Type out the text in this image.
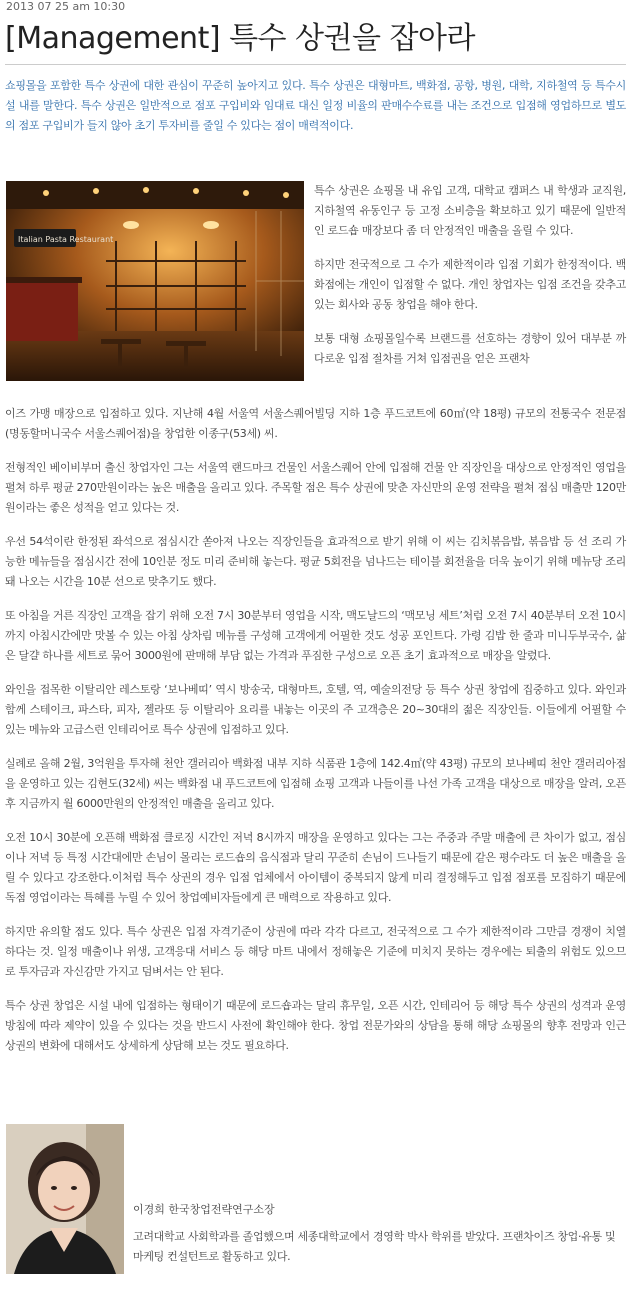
2013 07 25 am 10:30
[Management] 특수 상권을 잡아라
쇼핑몰을 포함한 특수 상권에 대한 관심이 꾸준히 높아지고 있다. 특수 상권은 대형마트, 백화점, 공항, 병원, 대학, 지하철역 등 특수시설 내를 말한다. 특수 상권은 일반적으로 점포 구입비와 임대료 대신 일정 비율의 판매수수료를 내는 조건으로 입점해 영업하므로 별도의 점포 구입비가 들지 않아 초기 투자비를 줄일 수 있다는 점이 매력적이다.
Italian Pasta Restaurant

특수 상권은 쇼핑몰 내 유입 고객, 대학교 캠퍼스 내 학생과 교직원, 지하철역 유동인구 등 고정 소비층을 확보하고 있기 때문에 일반적인 로드숍 매장보다 좀 더 안정적인 매출을 올릴 수 있다.

하지만 전국적으로 그 수가 제한적이라 입점 기회가 한정적이다. 백화점에는 개인이 입점할 수 없다. 개인 창업자는 입점 조건을 갖추고 있는 회사와 공동 창업을 해야 한다.

보통 대형 쇼핑몰일수록 브랜드를 선호하는 경향이 있어 대부분 까다로운 입점 절차를 거쳐 입점권을 얻은 프랜차

이즈 가맹 매장으로 입점하고 있다. 지난해 4월 서울역 서울스퀘어빌딩 지하 1층 푸드코트에 60㎡(약 18평) 규모의 전통국수 전문점(명동할머니국수 서울스퀘어점)을 창업한 이종구(53세) 씨.

전형적인 베이비부머 출신 창업자인 그는 서울역 랜드마크 건물인 서울스퀘어 안에 입점해 건물 안 직장인을 대상으로 안정적인 영업을 펼쳐 하루 평균 270만원이라는 높은 매출을 올리고 있다. 주목할 점은 특수 상권에 맞춘 자신만의 운영 전략을 펼쳐 점심 매출만 120만원이라는 좋은 성적을 얻고 있다는 것.

우선 54석이란 한정된 좌석으로 점심시간 쏟아져 나오는 직장인들을 효과적으로 받기 위해 이 씨는 김치볶음밥, 볶음밥 등 선 조리 가능한 메뉴들을 점심시간 전에 10인분 정도 미리 준비해 놓는다. 평균 5회전을 넘나드는 테이블 회전율을 더욱 높이기 위해 메뉴당 조리돼 나오는 시간을 10분 선으로 맞추기도 했다.

또 아침을 거른 직장인 고객을 잡기 위해 오전 7시 30분부터 영업을 시작, 맥도날드의 ‘맥모닝 세트’처럼 오전 7시 40분부터 오전 10시까지 아침시간에만 맛볼 수 있는 아침 상차림 메뉴를 구성해 고객에게 어필한 것도 성공 포인트다. 가령 김밥 한 줄과 미니두부국수, 삶은 달걀 하나를 세트로 묶어 3000원에 판매해 부담 없는 가격과 푸짐한 구성으로 오픈 초기 효과적으로 매장을 알렸다.

와인을 접목한 이탈리안 레스토랑 ‘보나베띠’ 역시 방송국, 대형마트, 호텔, 역, 예술의전당 등 특수 상권 창업에 집중하고 있다. 와인과 함께 스테이크, 파스타, 피자, 젤라또 등 이탈리아 요리를 내놓는 이곳의 주 고객층은 20~30대의 젊은 직장인들. 이들에게 어필할 수 있는 메뉴와 고급스런 인테리어로 특수 상권에 입점하고 있다.

실례로 올해 2월, 3억원을 투자해 천안 갤러리아 백화점 내부 지하 식품관 1층에 142.4㎡(약 43평) 규모의 보나베띠 천안 갤러리아점을 운영하고 있는 김현도(32세) 씨는 백화점 내 푸드코트에 입점해 쇼핑 고객과 나들이를 나선 가족 고객을 대상으로 매장을 알려, 오픈 후 지금까지 월 6000만원의 안정적인 매출을 올리고 있다.

오전 10시 30분에 오픈해 백화점 클로징 시간인 저녁 8시까지 매장을 운영하고 있다는 그는 주중과 주말 매출에 큰 차이가 없고, 점심이나 저녁 등 특정 시간대에만 손님이 몰리는 로드숍의 음식점과 달리 꾸준히 손님이 드나들기 때문에 같은 평수라도 더 높은 매출을 올릴 수 있다고 강조한다.이처럼 특수 상권의 경우 입점 업체에서 아이템이 중복되지 않게 미리 결정해두고 입점 점포를 모집하기 때문에 독점 영업이라는 특혜를 누릴 수 있어 창업예비자들에게 큰 매력으로 작용하고 있다.

하지만 유의할 점도 있다. 특수 상권은 입점 자격기준이 상권에 따라 각각 다르고, 전국적으로 그 수가 제한적이라 그만큼 경쟁이 치열하다는 것. 일정 매출이나 위생, 고객응대 서비스 등 해당 마트 내에서 정해놓은 기준에 미치지 못하는 경우에는 퇴출의 위험도 있으므로 투자금과 자신감만 가지고 덤벼서는 안 된다.

특수 상권 창업은 시설 내에 입점하는 형태이기 때문에 로드숍과는 달리 휴무일, 오픈 시간, 인테리어 등 해당 특수 상권의 성격과 운영 방침에 따라 제약이 있을 수 있다는 것을 반드시 사전에 확인해야 한다. 창업 전문가와의 상담을 통해 해당 쇼핑몰의 향후 전망과 인근 상권의 변화에 대해서도 상세하게 상담해 보는 것도 필요하다.

이경희 한국창업전략연구소장
고려대학교 사회학과를 졸업했으며 세종대학교에서 경영학 박사 학위를 받았다. 프랜차이즈 창업·유통 및 마케팅 컨설턴트로 활동하고 있다.
